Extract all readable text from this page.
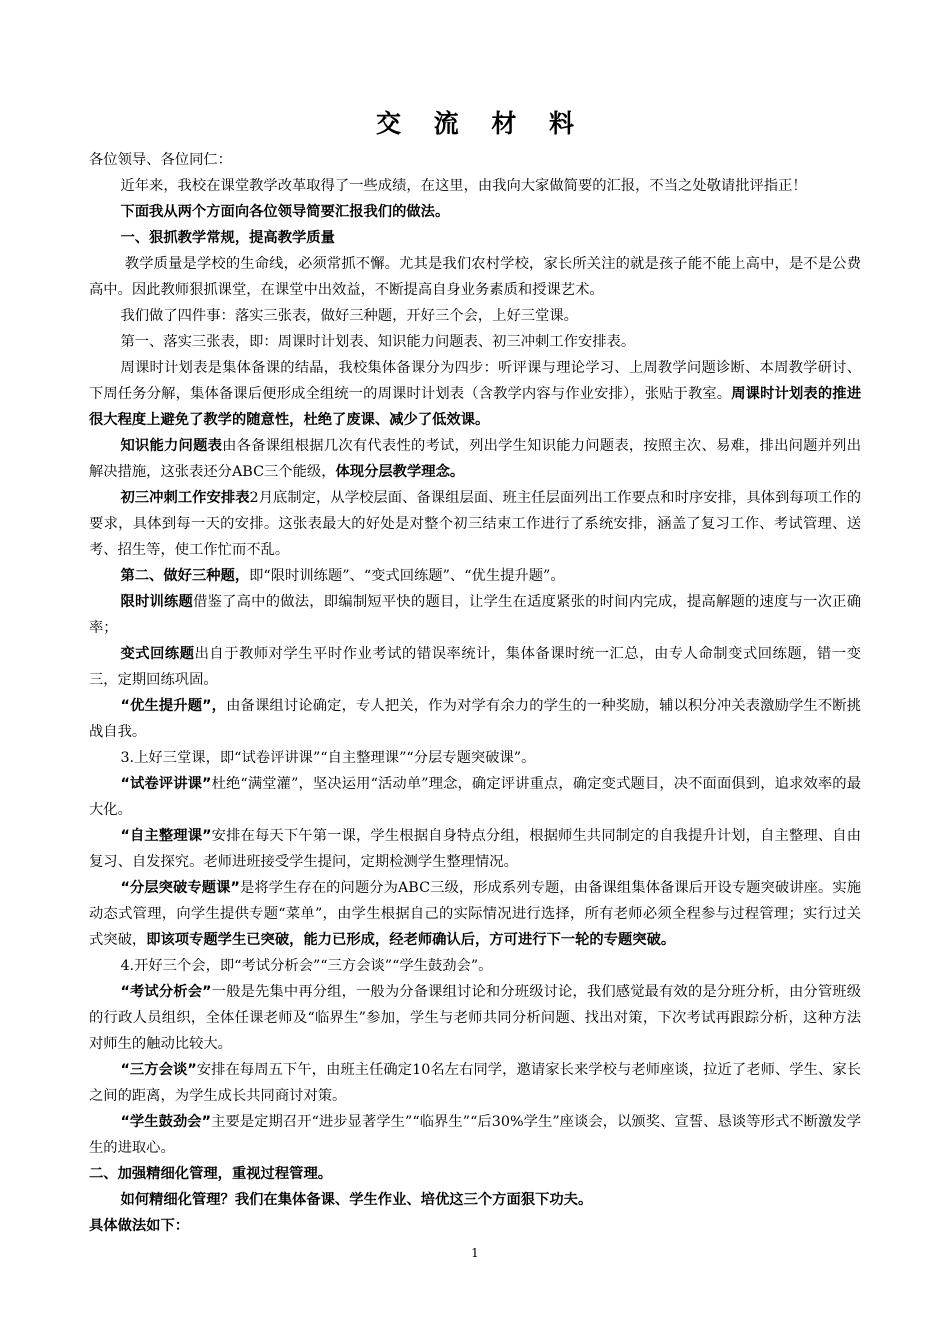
交 流 材 料

各位领导、各位同仁：

近年来，我校在课堂教学改革取得了一些成绩，在这里，由我向大家做简要的汇报，不当之处敬请批评指正！

下面我从两个方面向各位领导简要汇报我们的做法。

一、狠抓教学常规，提高教学质量

教学质量是学校的生命线，必须常抓不懈。尤其是我们农村学校，家长所关注的就是孩子能不能上高中，是不是公费高中。因此教师狠抓课堂，在课堂中出效益，不断提高自身业务素质和授课艺术。

我们做了四件事：落实三张表，做好三种题，开好三个会，上好三堂课。

第一、落实三张表，即：周课时计划表、知识能力问题表、初三冲刺工作安排表。

周课时计划表是集体备课的结晶，我校集体备课分为四步：听评课与理论学习、上周教学问题诊断、本周教学研讨、下周任务分解，集体备课后便形成全组统一的周课时计划表（含教学内容与作业安排），张贴于教室。周课时计划表的推进很大程度上避免了教学的随意性，杜绝了废课、减少了低效课。

知识能力问题表由各备课组根据几次有代表性的考试，列出学生知识能力问题表，按照主次、易难，排出问题并列出解决措施，这张表还分ABC三个能级，体现分层教学理念。

初三冲刺工作安排表2月底制定，从学校层面、备课组层面、班主任层面列出工作要点和时序安排，具体到每项工作的要求，具体到每一天的安排。这张表最大的好处是对整个初三结束工作进行了系统安排，涵盖了复习工作、考试管理、送考、招生等，使工作忙而不乱。

第二、做好三种题，即“限时训练题”、“变式回练题”、“优生提升题”。

限时训练题借鉴了高中的做法，即编制短平快的题目，让学生在适度紧张的时间内完成，提高解题的速度与一次正确率；

变式回练题出自于教师对学生平时作业考试的错误率统计，集体备课时统一汇总，由专人命制变式回练题，错一变三，定期回练巩固。

“优生提升题”，由备课组讨论确定，专人把关，作为对学有余力的学生的一种奖励，辅以积分冲关表激励学生不断挑战自我。

3.上好三堂课，即“试卷评讲课”“自主整理课”“分层专题突破课”。

“试卷评讲课”杜绝“满堂灌”，坚决运用“活动单”理念，确定评讲重点，确定变式题目，决不面面俱到，追求效率的最大化。

“自主整理课”安排在每天下午第一课，学生根据自身特点分组，根据师生共同制定的自我提升计划，自主整理、自由复习、自发探究。老师进班接受学生提问，定期检测学生整理情况。

“分层突破专题课”是将学生存在的问题分为ABC三级，形成系列专题，由备课组集体备课后开设专题突破讲座。实施动态式管理，向学生提供专题“菜单”，由学生根据自己的实际情况进行选择，所有老师必须全程参与过程管理；实行过关式突破，即该项专题学生已突破，能力已形成，经老师确认后，方可进行下一轮的专题突破。

4.开好三个会，即“考试分析会”“三方会谈”“学生鼓劲会”。

“考试分析会”一般是先集中再分组，一般为分备课组讨论和分班级讨论，我们感觉最有效的是分班分析，由分管班级的行政人员组织，全体任课老师及“临界生”参加，学生与老师共同分析问题、找出对策，下次考试再跟踪分析，这种方法对师生的触动比较大。

“三方会谈”安排在每周五下午，由班主任确定10名左右同学，邀请家长来学校与老师座谈，拉近了老师、学生、家长之间的距离，为学生成长共同商讨对策。

“学生鼓劲会”主要是定期召开“进步显著学生”“临界生”“后30%学生”座谈会，以颁奖、宣誓、恳谈等形式不断激发学生的进取心。

二、加强精细化管理，重视过程管理。

如何精细化管理？我们在集体备课、学生作业、培优这三个方面狠下功夫。

具体做法如下：

1
